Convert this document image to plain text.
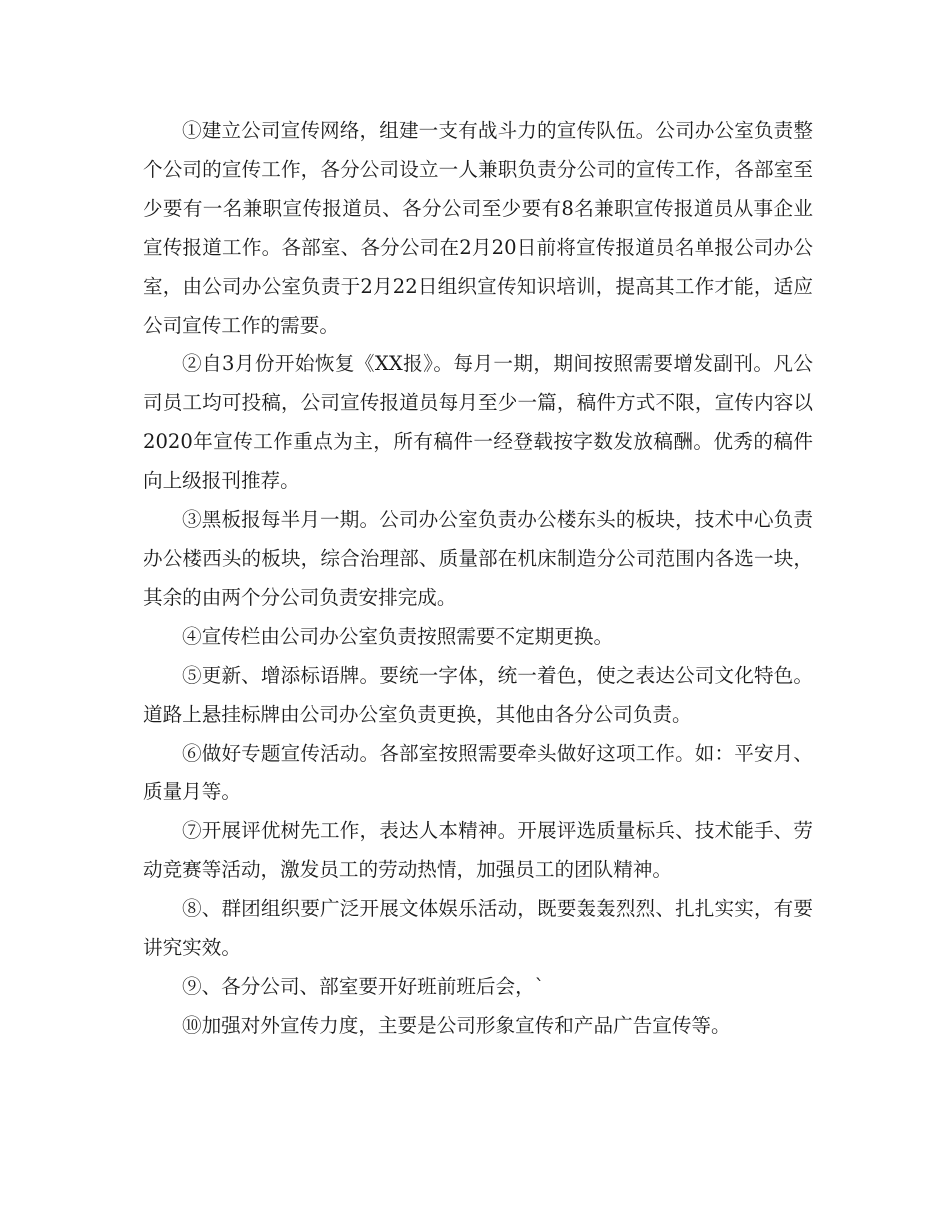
①建立公司宣传网络，组建一支有战斗力的宣传队伍。公司办公室负责整个公司的宣传工作，各分公司设立一人兼职负责分公司的宣传工作，各部室至少要有一名兼职宣传报道员、各分公司至少要有8名兼职宣传报道员从事企业宣传报道工作。各部室、各分公司在2月20日前将宣传报道员名单报公司办公室，由公司办公室负责于2月22日组织宣传知识培训，提高其工作才能，适应公司宣传工作的需要。

②自3月份开始恢复《XX报》。每月一期，期间按照需要增发副刊。凡公司员工均可投稿，公司宣传报道员每月至少一篇，稿件方式不限，宣传内容以2020年宣传工作重点为主，所有稿件一经登载按字数发放稿酬。优秀的稿件向上级报刊推荐。

③黑板报每半月一期。公司办公室负责办公楼东头的板块，技术中心负责办公楼西头的板块，综合治理部、质量部在机床制造分公司范围内各选一块，其余的由两个分公司负责安排完成。

④宣传栏由公司办公室负责按照需要不定期更换。

⑤更新、增添标语牌。要统一字体，统一着色，使之表达公司文化特色。道路上悬挂标牌由公司办公室负责更换，其他由各分公司负责。

⑥做好专题宣传活动。各部室按照需要牵头做好这项工作。如：平安月、质量月等。

⑦开展评优树先工作，表达人本精神。开展评选质量标兵、技术能手、劳动竞赛等活动，激发员工的劳动热情，加强员工的团队精神。

⑧、群团组织要广泛开展文体娱乐活动，既要轰轰烈烈、扎扎实实，有要讲究实效。

⑨、各分公司、部室要开好班前班后会，`

⑩加强对外宣传力度，主要是公司形象宣传和产品广告宣传等。
